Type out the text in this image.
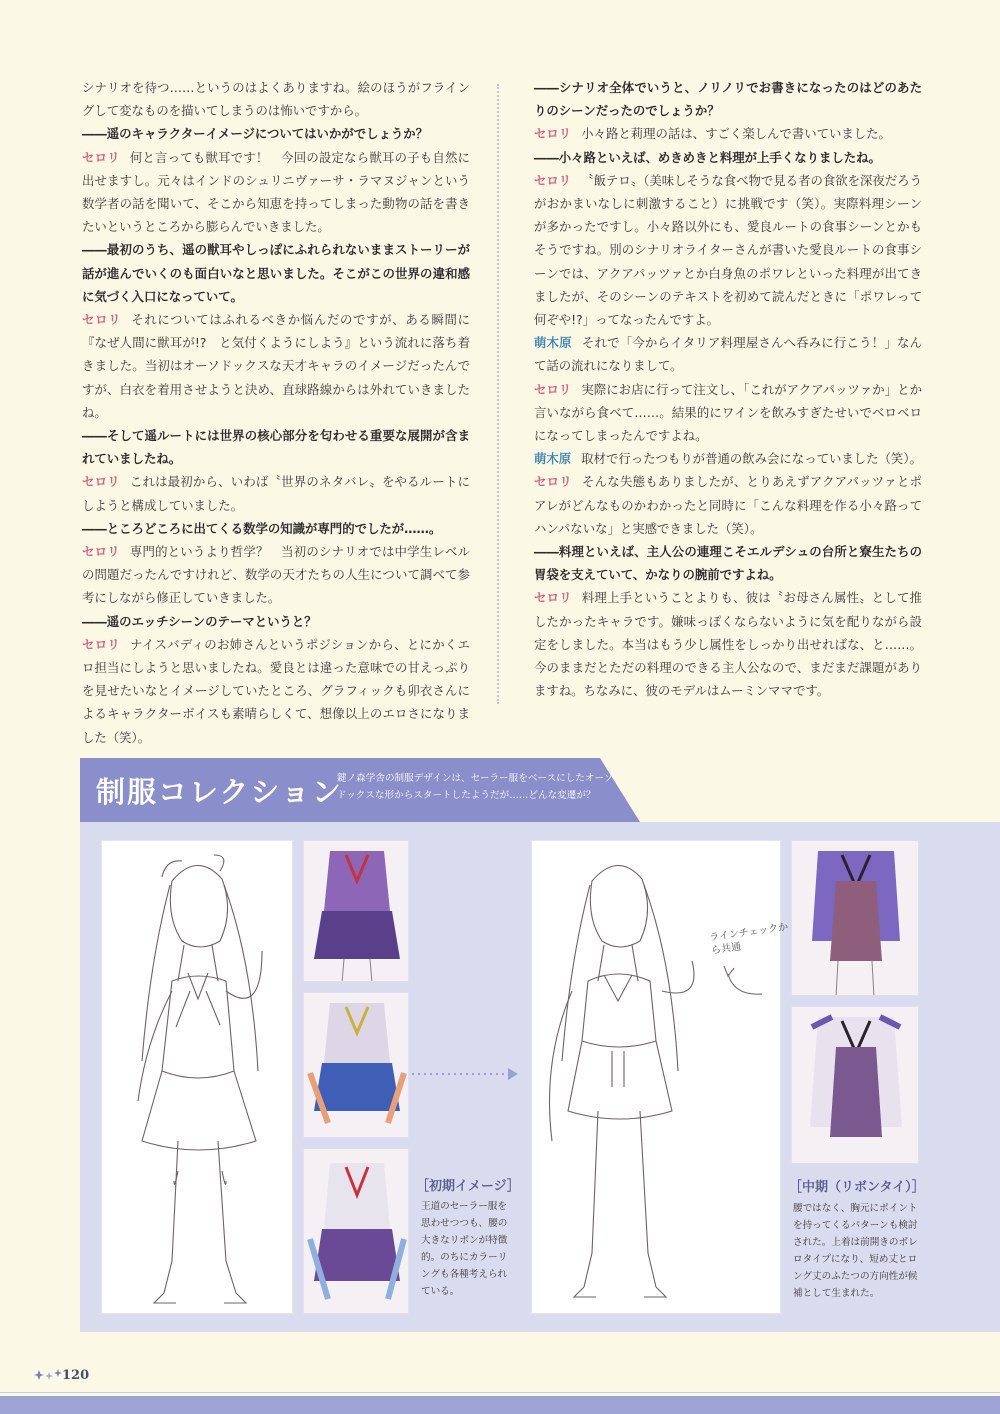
シナリオを待つ……というのはよくありますね。絵のほうがフライングして変なものを描いてしまうのは怖いですから。
――遥のキャラクターイメージについてはいかがでしょうか？
セロリ 何と言っても獣耳です！　今回の設定なら獣耳の子も自然に出せますし。元々はインドのシュリニヴァーサ・ラマヌジャンという数学者の話を聞いて、そこから知恵を持ってしまった動物の話を書きたいというところから膨らんでいきました。
――最初のうち、遥の獣耳やしっぽにふれられないままストーリーが話が進んでいくのも面白いなと思いました。そこがこの世界の違和感に気づく入口になっていて。
セロリ それについてはふれるべきか悩んだのですが、ある瞬間に『なぜ人間に獣耳が!?　と気付くようにしよう』という流れに落ち着きました。当初はオーソドックスな天才キャラのイメージだったんですが、白衣を着用させようと決め、直球路線からは外れていきましたね。
――そして遥ルートには世界の核心部分を匂わせる重要な展開が含まれていましたね。
セロリ これは最初から、いわば〝世界のネタバレ〟をやるルートにしようと構成していました。
――ところどころに出てくる数学の知識が専門的でしたが……。
セロリ 専門的というより哲学？　当初のシナリオでは中学生レベルの問題だったんですけれど、数学の天才たちの人生について調べて参考にしながら修正していきました。
――遥のエッチシーンのテーマというと？
セロリ ナイスバディのお姉さんというポジションから、とにかくエロ担当にしようと思いましたね。愛良とは違った意味での甘えっぷりを見せたいなとイメージしていたところ、グラフィックも卯衣さんによるキャラクターボイスも素晴らしくて、想像以上のエロさになりました（笑）。
――シナリオ全体でいうと、ノリノリでお書きになったのはどのあたりのシーンだったのでしょうか？
セロリ 小々路と莉理の話は、すごく楽しんで書いていました。
――小々路といえば、めきめきと料理が上手くなりましたね。
セロリ 〝飯テロ〟（美味しそうな食べ物で見る者の食欲を深夜だろうがおかまいなしに刺激すること）に挑戦です（笑）。実際料理シーンが多かったですし。小々路以外にも、愛良ルートの食事シーンとかもそうですね。別のシナリオライターさんが書いた愛良ルートの食事シーンでは、アクアパッツァとか白身魚のポワレといった料理が出てきましたが、そのシーンのテキストを初めて読んだときに「ポワレって何ぞや!?」ってなったんですよ。
萌木原 それで「今からイタリア料理屋さんへ呑みに行こう！」なんて話の流れになりまして。
セロリ 実際にお店に行って注文し、「これがアクアパッツァか」とか言いながら食べて……。結果的にワインを飲みすぎたせいでベロベロになってしまったんですよね。
萌木原 取材で行ったつもりが普通の飲み会になっていました（笑）。
セロリ そんな失態もありましたが、とりあえずアクアパッツァとポアレがどんなものかわかったと同時に「こんな料理を作る小々路ってハンパないな」と実感できました（笑）。
――料理といえば、主人公の連理こそエルデシュの台所と寮生たちの胃袋を支えていて、かなりの腕前ですよね。
セロリ 料理上手ということよりも、彼は〝お母さん属性〟として推したかったキャラです。嫌味っぽくならないように気を配りながら設定をしました。本当はもう少し属性をしっかり出せればな、と……。今のままだとただの料理のできる主人公なので、まだまだ課題がありますね。ちなみに、彼のモデルはムーミンママです。
制服コレクション
鍵ノ森学舎の制服デザインは、セーラー服をベースにしたオーソドックスな形からスタートしたようだが……どんな変遷が？
［初期イメージ］
王道のセーラー服を思わせつつも、腰の大きなリボンが特徴的。のちにカラーリングも各種考えられている。
ラインチェックから共通
［中期（リボンタイ）］
腰ではなく、胸元にポイントを持ってくるパターンも検討された。上着は前開きのボレロタイプになり、短め丈とロング丈のふたつの方向性が候補として生まれた。
120
